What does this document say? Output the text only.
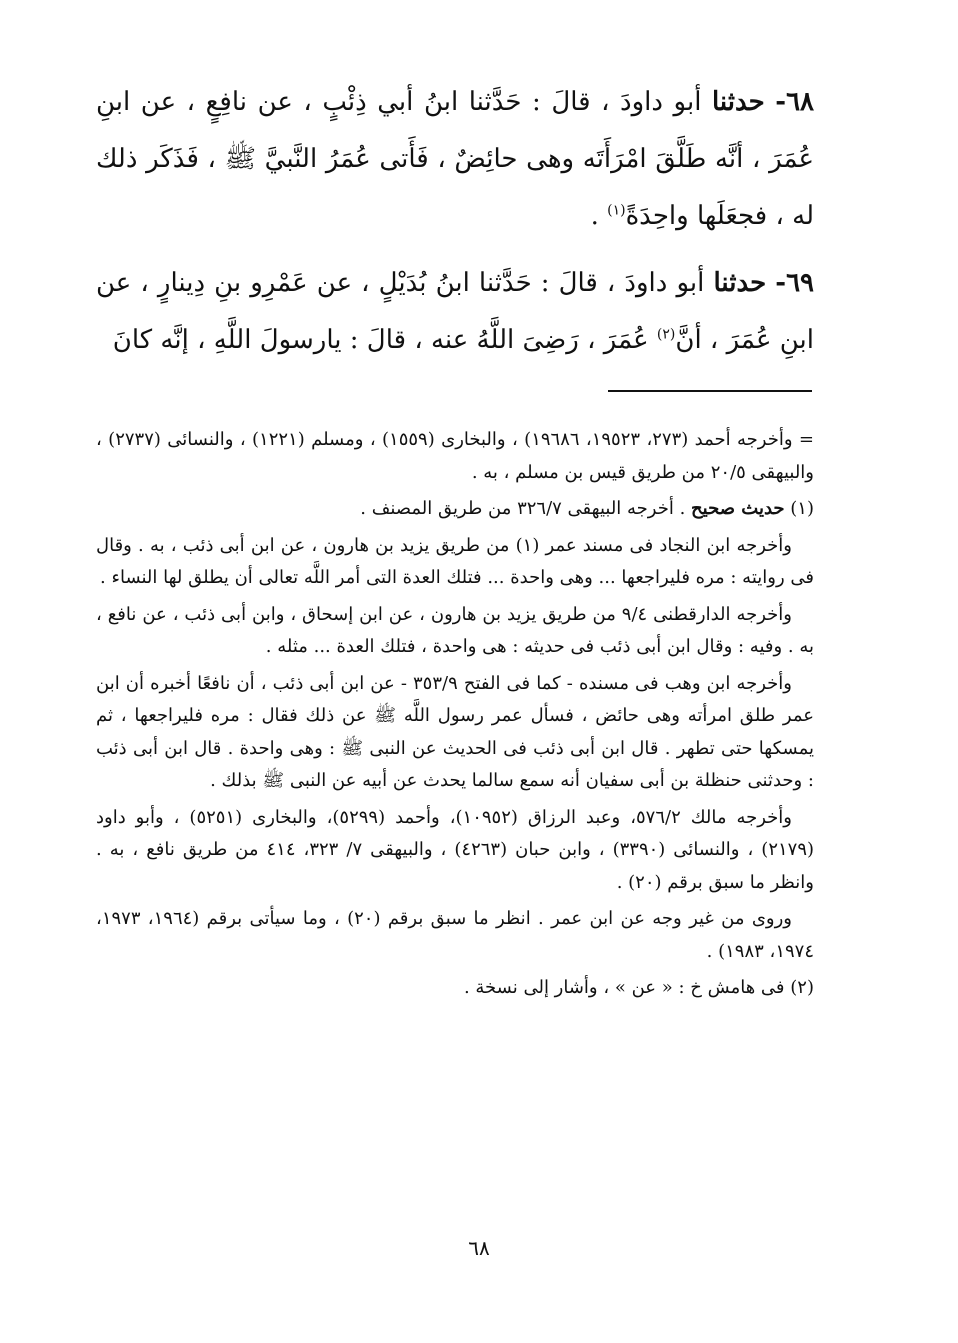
٦٨- حدثنا أبو داودَ ، قالَ : حَدَّثنا ابنُ أبي ذِئْبٍ ، عن نافِعٍ ، عن ابنِ عُمَرَ ، أنَّه طَلَّقَ امْرَأَتَه وهى حائِضٌ ، فَأَتى عُمَرُ النَّبيَّ ﷺ ، فَذَكَر ذلك له ، فجعَلَها واحِدَةً$^{(١)}$ .

٦٩- حدثنا أبو داودَ ، قالَ : حَدَّثنا ابنُ بُدَيْلٍ ، عن عَمْرِو بنِ دِينارٍ ، عن ابنِ عُمَرَ ، أنَّ$^{(٢)}$ عُمَرَ ، رَضِىَ اللَّهُ عنه ، قالَ : يارسولَ اللَّهِ ، إنَّه كانَ

= وأخرجه أحمد (٢٧٣، ١٩٥٢٣، ١٩٦٨٦) ، والبخارى (١٥٥٩) ، ومسلم (١٢٢١) ، والنسائى (٢٧٣٧) ، والبيهقى ٢٠/٥ من طريق قيس بن مسلم ، به .

(١) حديث صحيح . أخرجه البيهقى ٣٢٦/٧ من طريق المصنف .

وأخرجه ابن النجاد فى مسند عمر (١) من طريق يزيد بن هارون ، عن ابن أبى ذئب ، به . وقال فى روايته : مره فليراجعها ... وهى واحدة ... فتلك العدة التى أمر اللَّه تعالى أن يطلق لها النساء .

وأخرجه الدارقطنى ٩/٤ من طريق يزيد بن هارون ، عن ابن إسحاق ، وابن أبى ذئب ، عن نافع ، به . وفيه : وقال ابن أبى ذئب فى حديثه : هى واحدة ، فتلك العدة ... مثله .

وأخرجه ابن وهب فى مسنده - كما فى الفتح ٣٥٣/٩ - عن ابن أبى ذئب ، أن نافعًا أخبره أن ابن عمر طلق امرأته وهى حائض ، فسأل عمر رسول اللَّه ﷺ عن ذلك فقال : مره فليراجعها ، ثم يمسكها حتى تطهر . قال ابن أبى ذئب فى الحديث عن النبى ﷺ : وهى واحدة . قال ابن أبى ذئب : وحدثنى حنظلة بن أبى سفيان أنه سمع سالما يحدث عن أبيه عن النبى ﷺ بذلك .

وأخرجه مالك ٥٧٦/٢، وعبد الرزاق (١٠٩٥٢)، وأحمد (٥٢٩٩)، والبخارى (٥٢٥١) ، وأبو داود (٢١٧٩) ، والنسائى (٣٣٩٠) ، وابن حبان (٤٢٦٣) ، والبيهقى ٧/ ٣٢٣، ٤١٤ من طريق نافع ، به . وانظر ما سبق برقم (٢٠) .

وروى من غير وجه عن ابن عمر . انظر ما سبق برقم (٢٠) ، وما سيأتى برقم (١٩٦٤، ١٩٧٣، ١٩٧٤، ١٩٨٣) .

(٢) فى هامش خ : « عن » ، وأشار إلى نسخة .

٦٨
